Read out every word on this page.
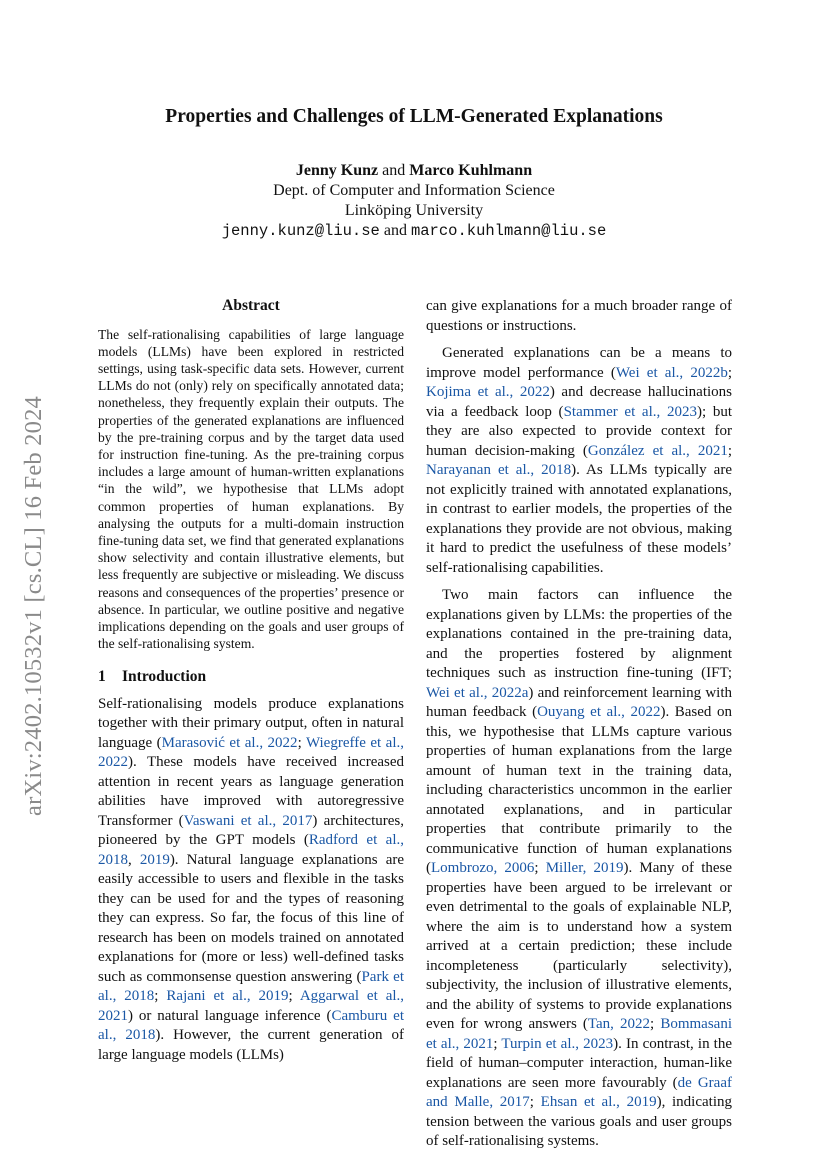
arXiv:2402.10532v1 [cs.CL] 16 Feb 2024
Properties and Challenges of LLM-Generated Explanations
Jenny Kunz and Marco Kuhlmann
Dept. of Computer and Information Science
Linköping University
jenny.kunz@liu.se and marco.kuhlmann@liu.se
Abstract

The self-rationalising capabilities of large language models (LLMs) have been explored in restricted settings, using task-specific data sets. However, current LLMs do not (only) rely on specifically annotated data; nonetheless, they frequently explain their outputs. The properties of the generated explanations are influenced by the pre-training corpus and by the target data used for instruction fine-tuning. As the pre-training corpus includes a large amount of human-written explanations “in the wild”, we hypothesise that LLMs adopt common properties of human explanations. By analysing the outputs for a multi-domain instruction fine-tuning data set, we find that generated explanations show selectivity and contain illustrative elements, but less frequently are subjective or misleading. We discuss reasons and consequences of the properties’ presence or absence. In particular, we outline positive and negative implications depending on the goals and user groups of the self-rationalising system.

1 Introduction

Self-rationalising models produce explanations together with their primary output, often in natural language (Marasović et al., 2022; Wiegreffe et al., 2022). These models have received increased attention in recent years as language generation abilities have improved with autoregressive Transformer (Vaswani et al., 2017) architectures, pioneered by the GPT models (Radford et al., 2018, 2019). Natural language explanations are easily accessible to users and flexible in the tasks they can be used for and the types of reasoning they can express. So far, the focus of this line of research has been on models trained on annotated explanations for (more or less) well-defined tasks such as commonsense question answering (Park et al., 2018; Rajani et al., 2019; Aggarwal et al., 2021) or natural language inference (Camburu et al., 2018). However, the current generation of large language models (LLMs)

can give explanations for a much broader range of questions or instructions.

Generated explanations can be a means to improve model performance (Wei et al., 2022b; Kojima et al., 2022) and decrease hallucinations via a feedback loop (Stammer et al., 2023); but they are also expected to provide context for human decision-making (González et al., 2021; Narayanan et al., 2018). As LLMs typically are not explicitly trained with annotated explanations, in contrast to earlier models, the properties of the explanations they provide are not obvious, making it hard to predict the usefulness of these models’ self-rationalising capabilities.

Two main factors can influence the explanations given by LLMs: the properties of the explanations contained in the pre-training data, and the properties fostered by alignment techniques such as instruction fine-tuning (IFT; Wei et al., 2022a) and reinforcement learning with human feedback (Ouyang et al., 2022). Based on this, we hypothesise that LLMs capture various properties of human explanations from the large amount of human text in the training data, including characteristics uncommon in the earlier annotated explanations, and in particular properties that contribute primarily to the communicative function of human explanations (Lombrozo, 2006; Miller, 2019). Many of these properties have been argued to be irrelevant or even detrimental to the goals of explainable NLP, where the aim is to understand how a system arrived at a certain prediction; these include incompleteness (particularly selectivity), subjectivity, the inclusion of illustrative elements, and the ability of systems to provide explanations even for wrong answers (Tan, 2022; Bommasani et al., 2021; Turpin et al., 2023). In contrast, in the field of human–computer interaction, human-like explanations are seen more favourably (de Graaf and Malle, 2017; Ehsan et al., 2019), indicating tension between the various goals and user groups of self-rationalising systems.
